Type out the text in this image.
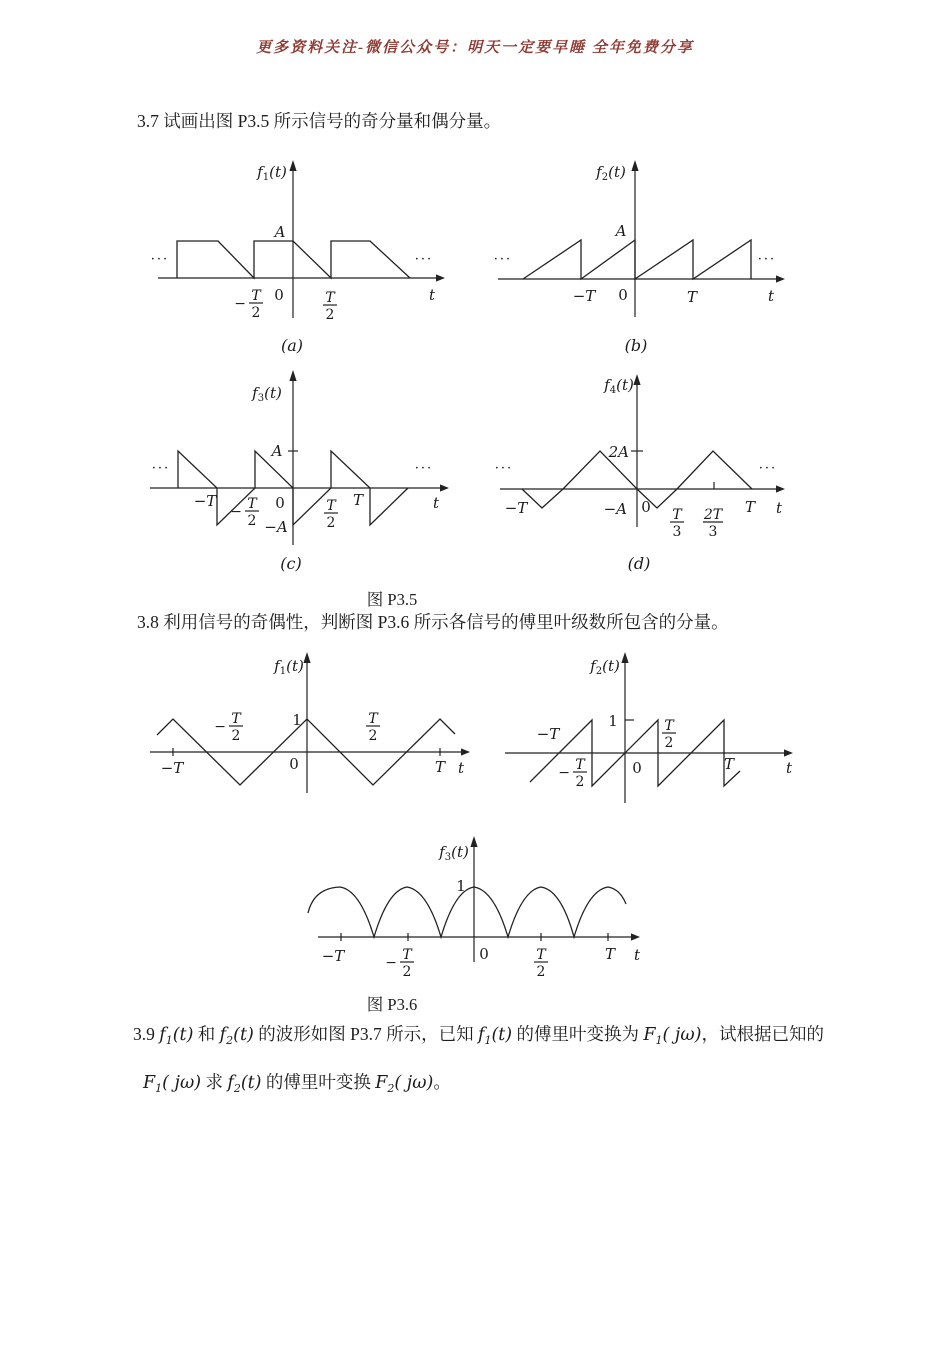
更多资料关注-微信公众号：明天一定要早睡 全年免费分享
3.7 试画出图 P3.5 所示信号的奇分量和偶分量。
$f_1(t)$
A
0	t
···	···
(a)
− T
2
T
2
$f_2(t)$
A
−T 0	T	t
···	···
(b)
$f_3(t)$
A
−T	0
−A
T	t
···	···
(c)
− T
2
T
2
$f_4(t)$
2A
−T	−A 0	T t
···	···
(d)
T
3
2T
3
$f_1(t)$
1
0
−T	T t
− T
2
T
2
$f_2(t)$
1
−T
0	T	t
− T
2
T
2
$f_3(t)$
1
−T	0	T t
− T
2
T
2
图 P3.5
3.8 利用信号的奇偶性，判断图 P3.6 所示各信号的傅里叶级数所包含的分量。
图 P3.6
3.9 $f_1(t)$ 和 $f_2(t)$ 的波形如图 P3.7 所示，已知 $f_1(t)$ 的傅里叶变换为 $F_1$( jω)，试根据已知的
$F_1$( jω) 求 $f_2(t)$ 的傅里叶变换 $F_2$( jω)。
